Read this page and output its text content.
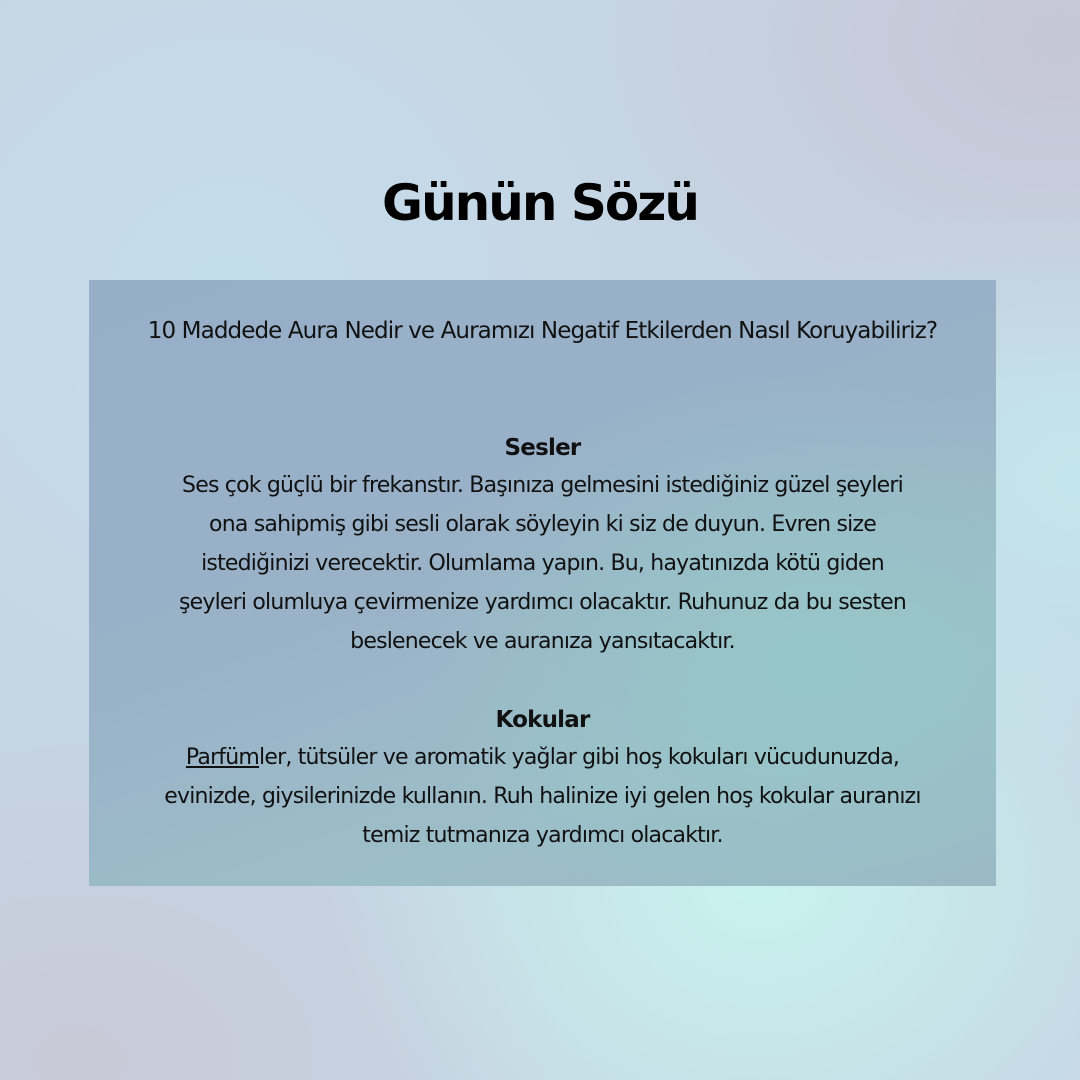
Günün Sözü

10 Maddede Aura Nedir ve Auramızı Negatif Etkilerden Nasıl Koruyabiliriz?

Sesler

Ses çok güçlü bir frekanstır. Başınıza gelmesini istediğiniz güzel şeyleri
ona sahipmiş gibi sesli olarak söyleyin ki siz de duyun. Evren size
istediğinizi verecektir. Olumlama yapın. Bu, hayatınızda kötü giden
şeyleri olumluya çevirmenize yardımcı olacaktır. Ruhunuz da bu sesten
beslenecek ve auranıza yansıtacaktır.

Kokular

Parfümler, tütsüler ve aromatik yağlar gibi hoş kokuları vücudunuzda,
evinizde, giysilerinizde kullanın. Ruh halinize iyi gelen hoş kokular auranızı
temiz tutmanıza yardımcı olacaktır.
